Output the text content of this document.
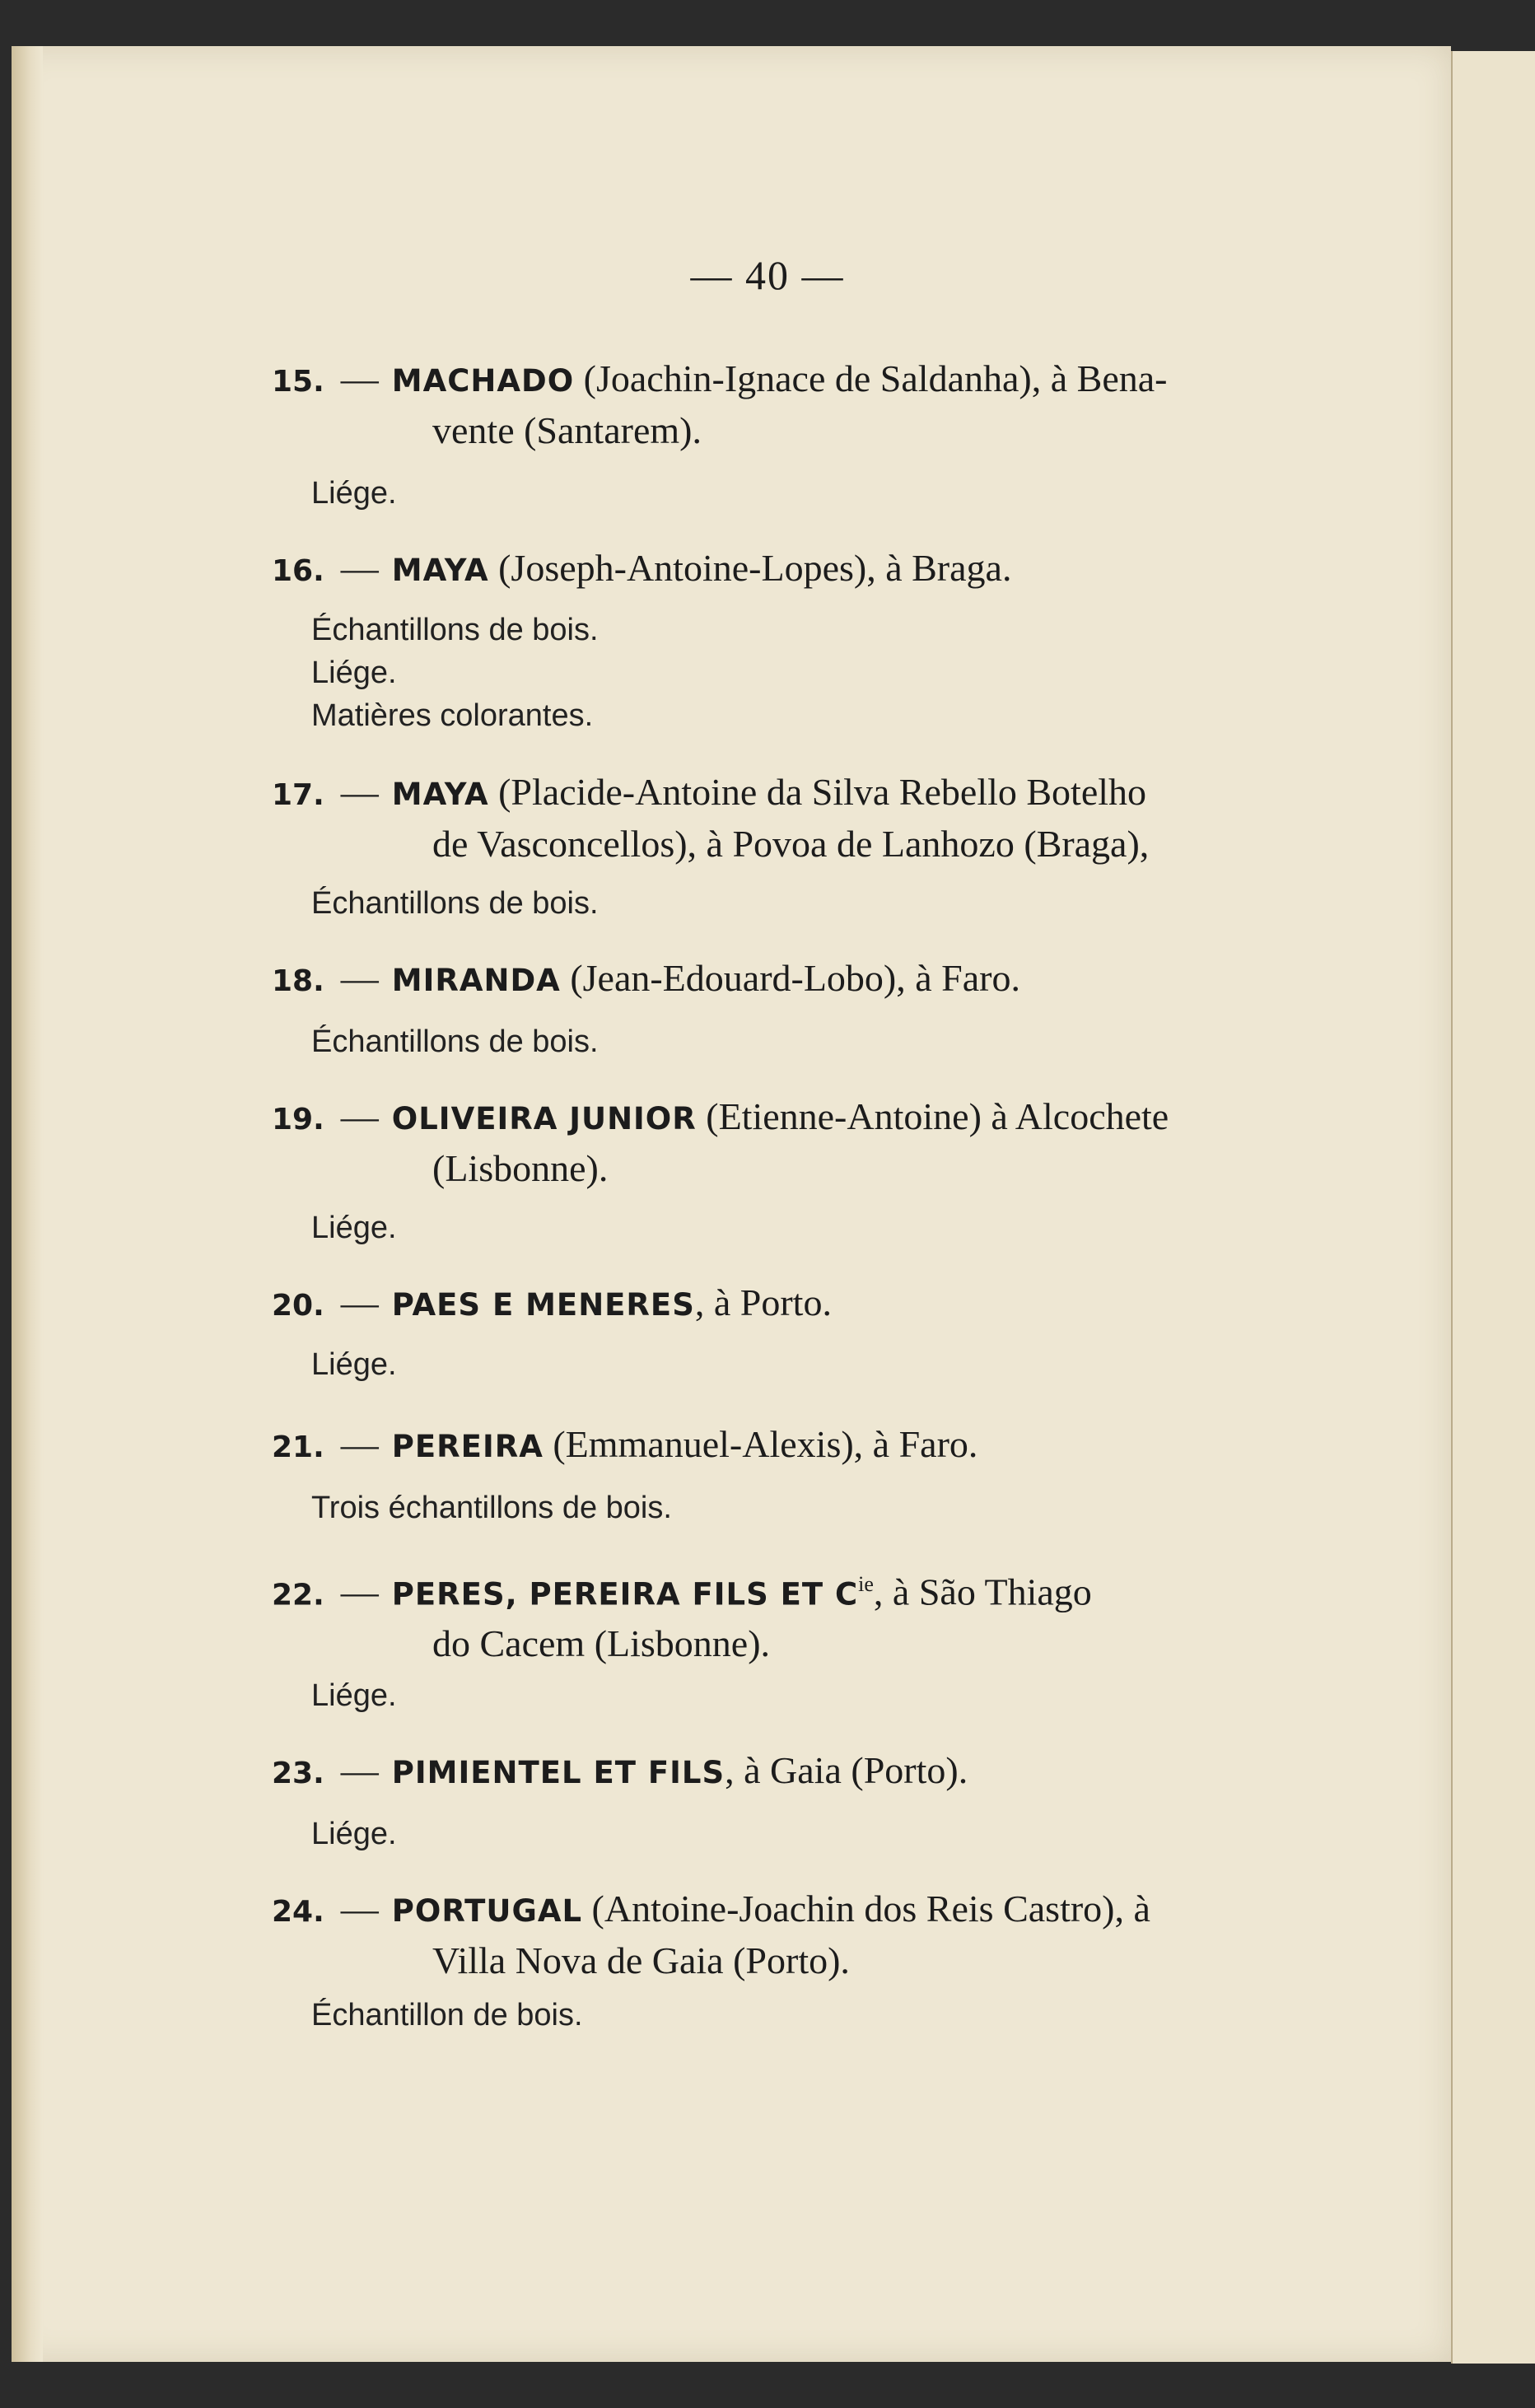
— 40 —
15. — MACHADO (Joachin-Ignace de Saldanha), à Bena-
vente (Santarem).
Liége.
16. — MAYA (Joseph-Antoine-Lopes), à Braga.
Échantillons de bois.
Liége.
Matières colorantes.
17. — MAYA (Placide-Antoine da Silva Rebello Botelho
de Vasconcellos), à Povoa de Lanhozo (Braga),
Échantillons de bois.
18. — MIRANDA (Jean-Edouard-Lobo), à Faro.
Échantillons de bois.
19. — OLIVEIRA JUNIOR (Etienne-Antoine) à Alcochete
(Lisbonne).
Liége.
20. — PAES E MENERES, à Porto.
Liége.
21. — PEREIRA (Emmanuel-Alexis), à Faro.
Trois échantillons de bois.
22. — PERES, PEREIRA FILS ET $C^{ie}$, à São Thiago
do Cacem (Lisbonne).
Liége.
23. — PIMIENTEL ET FILS, à Gaia (Porto).
Liége.
24. — PORTUGAL (Antoine-Joachin dos Reis Castro), à
Villa Nova de Gaia (Porto).
Échantillon de bois.
